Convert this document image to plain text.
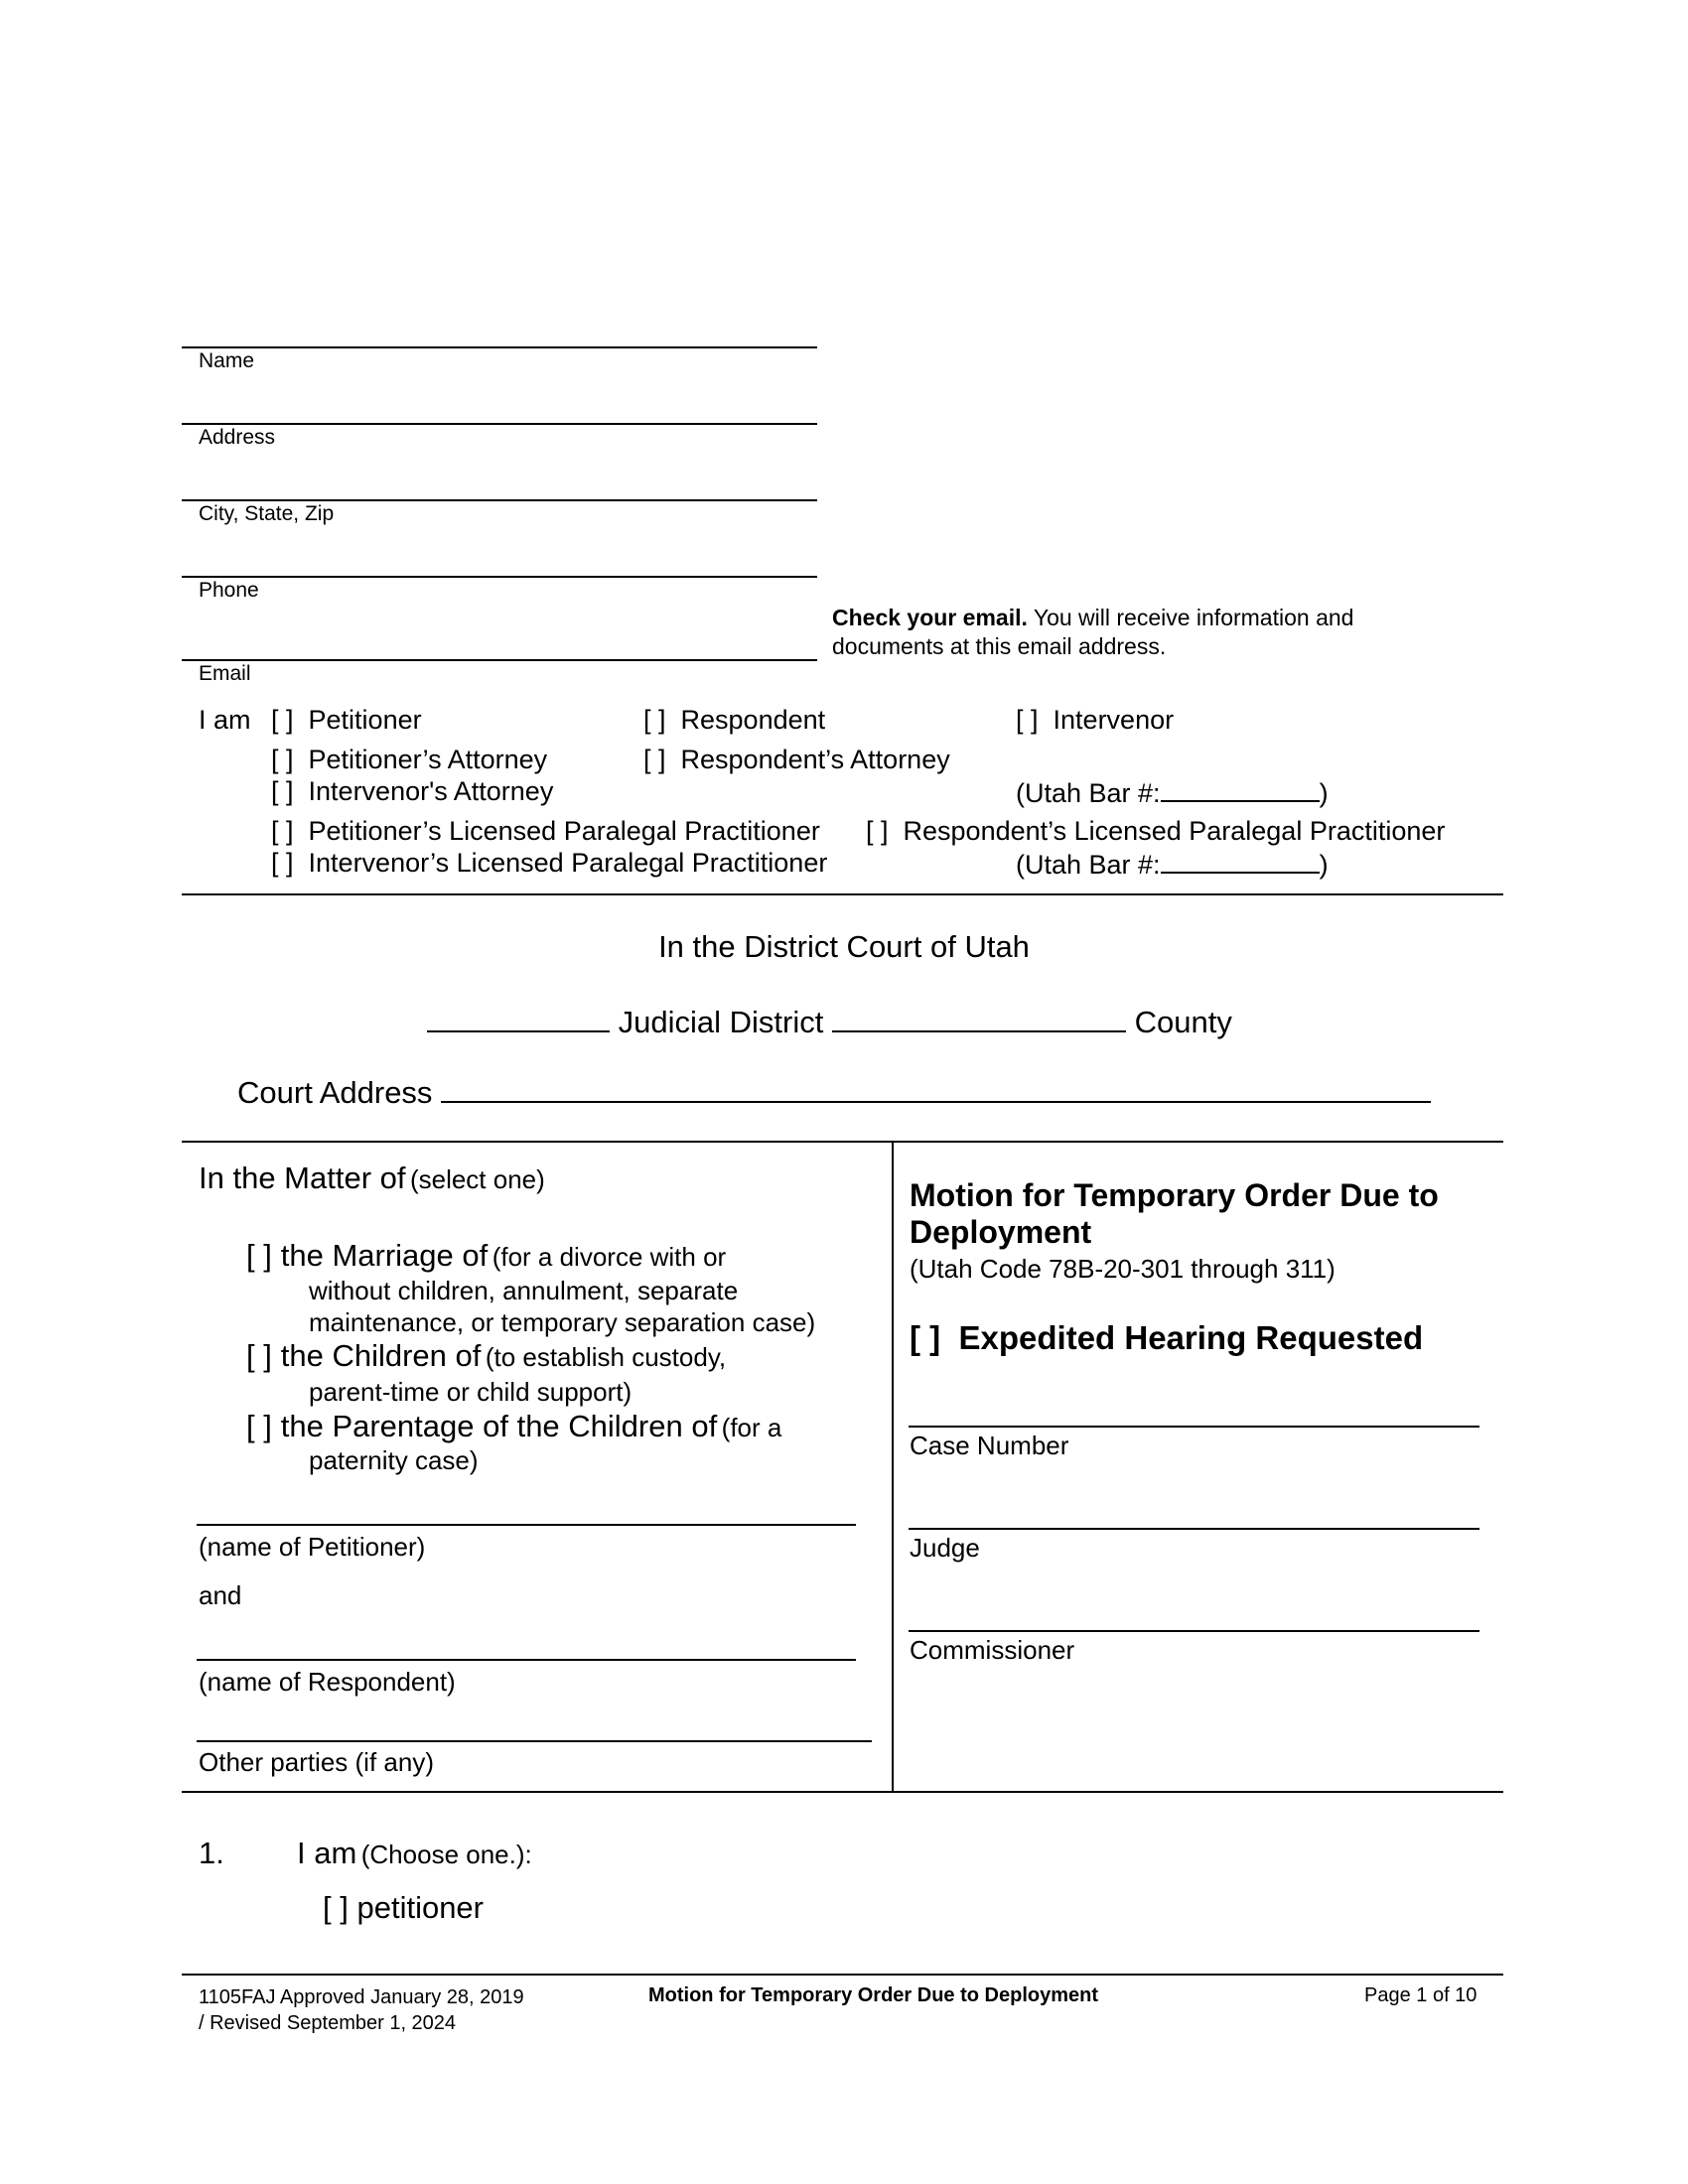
Name
Address
City, State, Zip
Phone
Email
Check your email. You will receive information and
documents at this email address.
I am [ ] Petitioner	[ ] Respondent	[ ] Intervenor
[ ] Petitioner’s Attorney	[ ] Respondent’s Attorney
[ ] Intervenor's Attorney	(Utah Bar #:	)
[ ] Petitioner’s Licensed Paralegal Practitioner [ ] Respondent’s Licensed Paralegal Practitioner
[ ] Intervenor’s Licensed Paralegal Practitioner	(Utah Bar #:	)
In the District Court of Utah
Judicial District	County
Court Address
In the Matter of (select one)
[ ] the Marriage of (for a divorce with or
without children, annulment, separate
maintenance, or temporary separation case)
[ ] the Children of (to establish custody,
parent-time or child support)
[ ] the Parentage of the Children of (for a
paternity case)
(name of Petitioner)
and
(name of Respondent)
Other parties (if any)
Motion for Temporary Order Due to
Deployment
(Utah Code 78B-20-301 through 311)
[ ] Expedited Hearing Requested
Case Number
Judge
Commissioner
1. I am (Choose one.):
[ ] petitioner
1105FAJ Approved January 28, 2019
/ Revised September 1, 2024
Motion for Temporary Order Due to Deployment	Page 1 of 10
